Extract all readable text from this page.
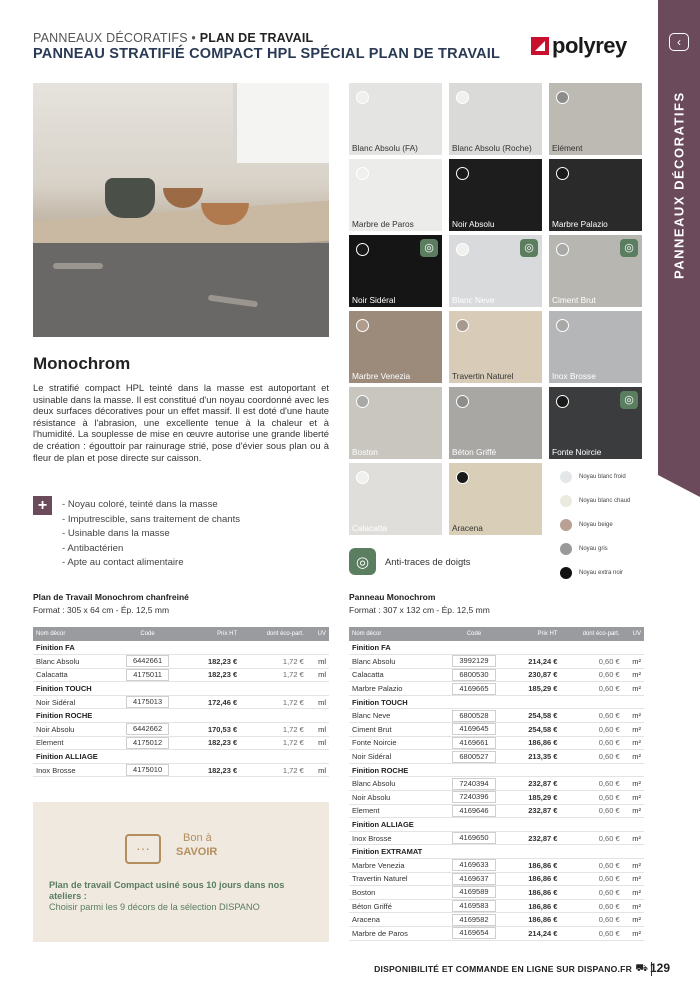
PANNEAUX DÉCORATIFS • PLAN DE TRAVAIL
PANNEAU STRATIFIÉ COMPACT HPL SPÉCIAL PLAN DE TRAVAIL polyrey	‹
PANNEAUX DÉCORATIFS
Monochrom
Le stratifié compact HPL teinté dans la masse est autoportant et usinable dans la masse. Il est constitué d'un noyau coordonné avec les deux surfaces décoratives pour un effet massif. Il est doté d'une haute résistance à l'abrasion, une excellente tenue à la chaleur et à l'humidité. La souplesse de mise en œuvre autorise une grande liberté de création : égouttoir par rainurage strié, pose d'évier sous plan ou à fleur de plan et pose directe sur caisson.
+	- Noyau coloré, teinté dans la masse
- Imputrescible, sans traitement de chants
- Usinable dans la masse
- Antibactérien
- Apte au contact alimentaire
Blanc Absolu (FA)	Blanc Absolu (Roche) Elément
Marbre de Paros	Noir Absolu	Marbre Palazio
◎
Noir Sidéral
◎
Blanc Neve
◎
Ciment Brut
Marbre Venezia	Travertin Naturel	Inox Brosse
Boston	Béton Griffé
◎
Fonte Noircie
Calacatta	Aracena
◎	Anti-traces de doigts
Noyau blanc froid
Noyau blanc chaud
Noyau beige
Noyau gris
Noyau extra noir
Plan de Travail Monochrom chanfreiné
Format : 305 x 64 cm - Ép. 12,5 mm
Nom décor	Code	Prix HT	dont éco-part.	UV
Finition FA				
Blanc Absolu	6442661	182,23 €	1,72 €	ml
Calacatta	4175011	182,23 €	1,72 €	ml
Finition TOUCH				
Noir Sidéral	4175013	172,46 €	1,72 €	ml
Finition ROCHE				
Noir Absolu	6442662	170,53 €	1,72 €	ml
Element	4175012	182,23 €	1,72 €	ml
Finition ALLIAGE				
Inox Brosse	4175010	182,23 €	1,72 €	ml
Panneau Monochrom
Format : 307 x 132 cm - Ép. 12,5 mm
Nom décor	Code	Prix HT	dont éco-part.	UV
Finition FA				
Blanc Absolu	3992129	214,24 €	0,60 €	m²
Calacatta	6800530	230,87 €	0,60 €	m²
Marbre Palazio	4169665	185,29 €	0,60 €	m²
Finition TOUCH				
Blanc Neve	6800528	254,58 €	0,60 €	m²
Ciment Brut	4169645	254,58 €	0,60 €	m²
Fonte Noircie	4169661	186,86 €	0,60 €	m²
Noir Sidéral	6800527	213,35 €	0,60 €	m²
Finition ROCHE				
Blanc Absolu	7240394	232,87 €	0,60 €	m²
Noir Absolu	7240396	185,29 €	0,60 €	m²
Element	4169646	232,87 €	0,60 €	m²
Finition ALLIAGE				
Inox Brosse	4169650	232,87 €	0,60 €	m²
Finition EXTRAMAT				
Marbre Venezia	4169633	186,86 €	0,60 €	m²
Travertin Naturel	4169637	186,86 €	0,60 €	m²
Boston	4169589	186,86 €	0,60 €	m²
Béton Griffé	4169583	186,86 €	0,60 €	m²
Aracena	4169582	186,86 €	0,60 €	m²
Marbre de Paros	4169654	214,24 €	0,60 €	m²
···
Bon à
SAVOIR
Plan de travail Compact usiné sous 10 jours dans nos ateliers :
Choisir parmi les 9 décors de la sélection DISPANO
DISPONIBILITÉ ET COMMANDE EN LIGNE SUR DISPANO.FR ⛟ 129
